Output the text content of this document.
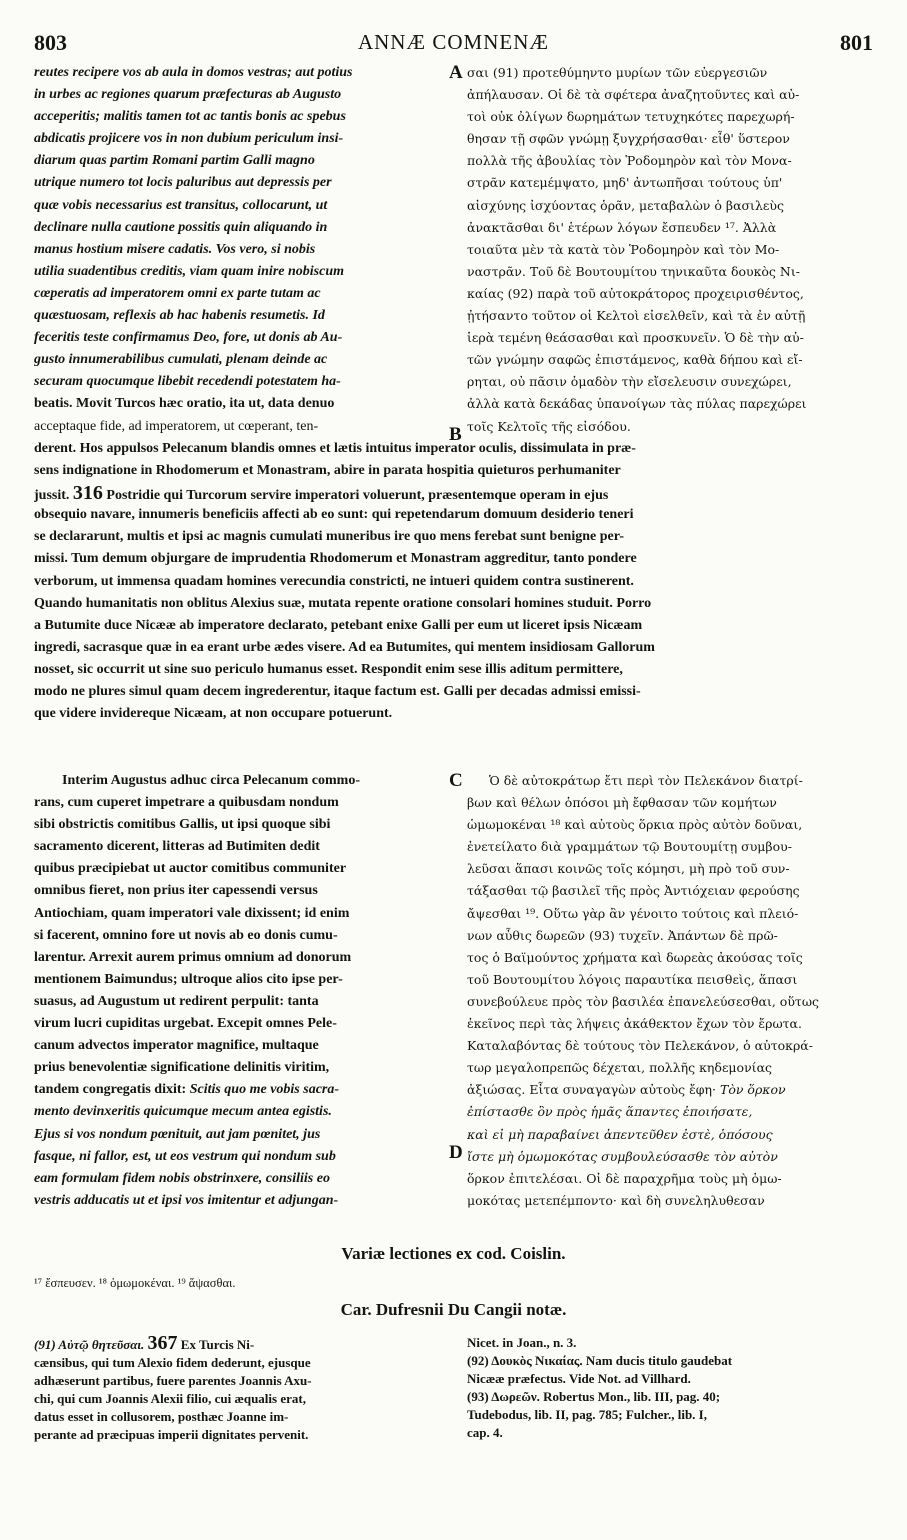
803	ANNÆ COMNENÆ	801
reutes recipere vos ab aula in domos vestras; aut potius
in urbes ac regiones quarum præfecturas ab Augusto
acceperitis; malitis tamen tot ac tantis bonis ac spebus
abdicatis projicere vos in non dubium periculum insi-
diarum quas partim Romani partim Galli magno
utrique numero tot locis paluribus aut depressis per
quæ vobis necessarius est transitus, collocarunt, ut
declinare nulla cautione possitis quin aliquando in
manus hostium misere cadatis. Vos vero, si nobis
utilia suadentibus creditis, viam quam inire nobiscum
cœperatis ad imperatorem omni ex parte tutam ac
quæstuosam, reflexis ab hac habenis resumetis. Id
feceritis teste confirmamus Deo, fore, ut donis ab Au-
gusto innumerabilibus cumulati, plenam deinde ac
securam quocumque libebit recedendi potestatem ha-
beatis. Movit Turcos hæc oratio, ita ut, data denuo
acceptaque fide, ad imperatorem, ut cœperant, ten-
A
B
σαι (91) προτεθύμηντο μυρίων τῶν εὐεργεσιῶν
ἀπήλαυσαν. Οἱ δὲ τὰ σφέτερα ἀναζητοῦντες καὶ αὐ-
τοὶ οὐκ ὀλίγων δωρημάτων τετυχηκότες παρεχωρή-
θησαν τῇ σφῶν γνώμῃ ξυγχρήσασθαι· εἶθ' ὕστερον
πολλὰ τῆς ἀβουλίας τὸν Ῥοδομηρὸν καὶ τὸν Μονα-
στρᾶν κατεμέμψατο, μηδ' ἀντωπῆσαι τούτους ὑπ'
αἰσχύνης ἰσχύοντας ὁρᾶν, μεταβαλὼν ὁ βασιλεὺς
ἀνακτᾶσθαι δι' ἑτέρων λόγων ἔσπευδεν ¹⁷. Ἀλλὰ
τοιαῦτα μὲν τὰ κατὰ τὸν Ῥοδομηρὸν καὶ τὸν Μο-
ναστρᾶν. Τοῦ δὲ Βουτουμίτου τηνικαῦτα δουκὸς Νι-
καίας (92) παρὰ τοῦ αὐτοκράτορος προχειρισθέντος,
ᾐτήσαντο τοῦτον οἱ Κελτοὶ εἰσελθεῖν, καὶ τὰ ἐν αὐτῇ
ἱερὰ τεμένη θεάσασθαι καὶ προσκυνεῖν. Ὁ δὲ τὴν αὐ-
τῶν γνώμην σαφῶς ἐπιστάμενος, καθὰ δήπου καὶ εἴ-
ρηται, οὐ πᾶσιν ὁμαδὸν τὴν εἴσελευσιν συνεχώρει,
ἀλλὰ κατὰ δεκάδας ὑπανοίγων τὰς πύλας παρεχώρει
τοῖς Κελτοῖς τῆς εἰσόδου.
derent. Hos appulsos Pelecanum blandis omnes et lætis intuitus imperator oculis, dissimulata in præ-
sens indignatione in Rhodomerum et Monastram, abire in parata hospitia quieturos perhumaniter
jussit. 316 Postridie qui Turcorum servire imperatori voluerunt, præsentemque operam in ejus
obsequio navare, innumeris beneficiis affecti ab eo sunt: qui repetendarum domuum desiderio teneri
se declararunt, multis et ipsi ac magnis cumulati muneribus ire quo mens ferebat sunt benigne per-
missi. Tum demum objurgare de imprudentia Rhodomerum et Monastram aggreditur, tanto pondere
verborum, ut immensa quadam homines verecundia constricti, ne intueri quidem contra sustinerent.
Quando humanitatis non oblitus Alexius suæ, mutata repente oratione consolari homines studuit. Porro
a Butumite duce Nicææ ab imperatore declarato, petebant enixe Galli per eum ut liceret ipsis Nicæam
ingredi, sacrasque quæ in ea erant urbe ædes visere. Ad ea Butumites, qui mentem insidiosam Gallorum
nosset, sic occurrit ut sine suo periculo humanus esset. Respondit enim sese illis aditum permittere,
modo ne plures simul quam decem ingrederentur, itaque factum est. Galli per decadas admissi emissi-
que videre invidereque Nicæam, at non occupare potuerunt.
Interim Augustus adhuc circa Pelecanum commo-
rans, cum cuperet impetrare a quibusdam nondum
sibi obstrictis comitibus Gallis, ut ipsi quoque sibi
sacramento dicerent, litteras ad Butimiten dedit
quibus præcipiebat ut auctor comitibus communiter
omnibus fieret, non prius iter capessendi versus
Antiochiam, quam imperatori vale dixissent; id enim
si facerent, omnino fore ut novis ab eo donis cumu-
larentur. Arrexit aurem primus omnium ad donorum
mentionem Baimundus; ultroque alios cito ipse per-
suasus, ad Augustum ut redirent perpulit: tanta
virum lucri cupiditas urgebat. Excepit omnes Pele-
canum advectos imperator magnifice, multaque
prius benevolentiæ significatione delinitis viritim,
tandem congregatis dixit: Scitis quo me vobis sacra-
mento devinxeritis quicumque mecum antea egistis.
Ejus si vos nondum pœnituit, aut jam pœnitet, jus
fasque, ni fallor, est, ut eos vestrum qui nondum sub
eam formulam fidem nobis obstrinxere, consiliis eo
vestris adducatis ut et ipsi vos imitentur et adjungan-
C
D
Ὁ δὲ αὐτοκράτωρ ἔτι περὶ τὸν Πελεκάνον διατρί-
βων καὶ θέλων ὁπόσοι μὴ ἔφθασαν τῶν κομήτων
ὡμωμοκέναι ¹⁸ καὶ αὐτοὺς ὅρκια πρὸς αὐτὸν δοῦναι,
ἐνετείλατο διὰ γραμμάτων τῷ Βουτουμίτῃ συμβου-
λεῦσαι ἅπασι κοινῶς τοῖς κόμησι, μὴ πρὸ τοῦ συν-
τάξασθαι τῷ βασιλεῖ τῆς πρὸς Ἀντιόχειαν φερούσης
ἄψεσθαι ¹⁹. Οὕτω γὰρ ἂν γένοιτο τούτοις καὶ πλειό-
νων αὖθις δωρεῶν (93) τυχεῖν. Ἀπάντων δὲ πρῶ-
τος ὁ Βαϊμούντος χρήματα καὶ δωρεὰς ἀκούσας τοῖς
τοῦ Βουτουμίτου λόγοις παραυτίκα πεισθεὶς, ἅπασι
συνεβούλευε πρὸς τὸν βασιλέα ἐπανελεύσεσθαι, οὕτως
ἐκεῖνος περὶ τὰς λήψεις ἀκάθεκτον ἔχων τὸν ἔρωτα.
Καταλαβόντας δὲ τούτους τὸν Πελεκάνον, ὁ αὐτοκρά-
τωρ μεγαλοπρεπῶς δέχεται, πολλῆς κηδεμονίας
ἀξιώσας. Εἶτα συναγαγὼν αὐτοὺς ἔφη· Τὸν ὅρκον
ἐπίστασθε ὃν πρὸς ἡμᾶς ἅπαντες ἐποιήσατε,
καὶ εἰ μὴ παραβαίνει ἀπεντεῦθεν ἐστὲ, ὁπόσους
ἴστε μὴ ὁμωμοκότας συμβουλεύσασθε τὸν αὐτὸν
ὅρκον ἐπιτελέσαι. Οἱ δὲ παραχρῆμα τοὺς μὴ ὁμω-
μοκότας μετεπέμποντο· καὶ δὴ συνεληλυθεσαν
Variæ lectiones ex cod. Coislin.
¹⁷ ἔσπευσεν. ¹⁸ ὁμωμοκέναι. ¹⁹ ἅψασθαι.
Car. Dufresnii Du Cangii notæ.
(91) Αὐτῷ θητεῦσαι. 367 Ex Turcis Ni-
cænsibus, qui tum Alexio fidem dederunt, ejusque
adhæserunt partibus, fuere parentes Joannis Axu-
chi, qui cum Joannis Alexii filio, cui æqualis erat,
datus esset in collusorem, posthæc Joanne im-
perante ad præcipuas imperii dignitates pervenit.
Nicet. in Joan., n. 3.
(92) Δουκὸς Νικαίας. Nam ducis titulo gaudebat
Nicææ præfectus. Vide Not. ad Villhard.
(93) Δωρεῶν. Robertus Mon., lib. III, pag. 40;
Tudebodus, lib. II, pag. 785; Fulcher., lib. I,
cap. 4.
